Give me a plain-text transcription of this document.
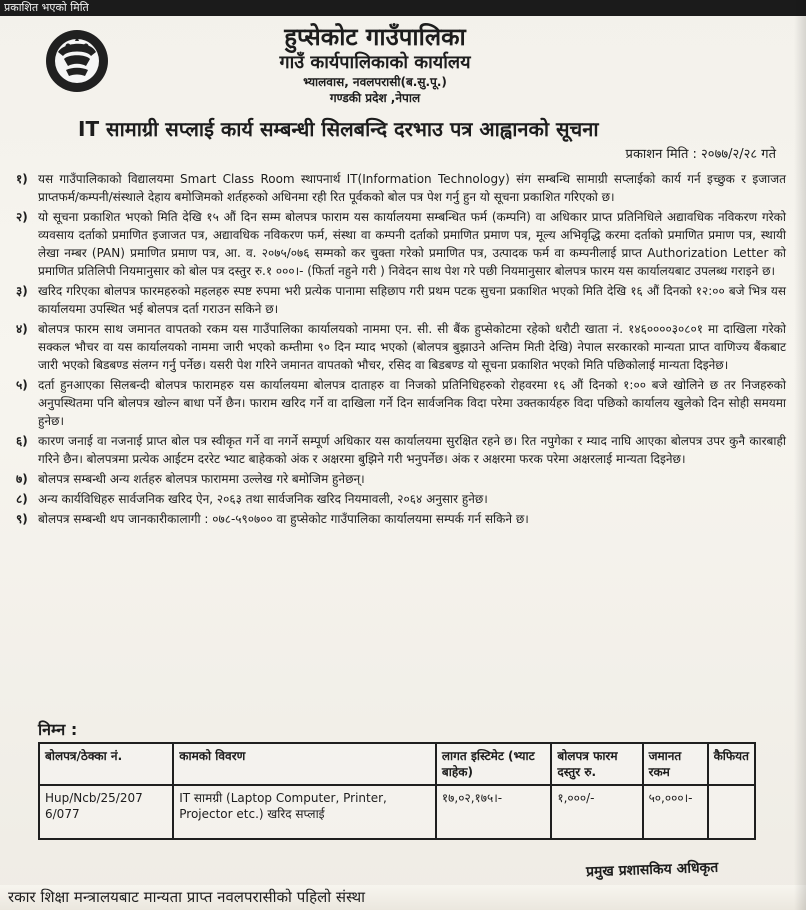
प्रकाशित भएको मिति
हुप्सेकोट गाउँपालिका
गाउँ कार्यपालिकाको कार्यालय
भ्यालवास, नवलपरासी(ब.सु.पू.)
गण्डकी प्रदेश ,नेपाल
IT सामाग्री सप्लाई कार्य सम्बन्धी सिलबन्दि दरभाउ पत्र आह्वानको सूचना
प्रकाशन मिति : २०७७/२/२८ गते
१) यस गाउँपालिकाको विद्यालयमा Smart Class Room स्थापनार्थ IT(Information Technology) संग सम्बन्धि सामाग्री सप्लाईको कार्य गर्न इच्छुक र इजाजत प्राप्तफर्म/कम्पनी/संस्थाले देहाय बमोजिमको शर्तहरुको अधिनमा रही रित पूर्वकको बोल पत्र पेश गर्नु हुन यो सूचना प्रकाशित गरिएको छ।
२) यो सूचना प्रकाशित भएको मिति देखि १५ औं दिन सम्म बोलपत्र फाराम यस कार्यालयमा सम्बन्धित फर्म (कम्पनि) वा अधिकार प्राप्त प्रतिनिधिले अद्यावधिक नविकरण गरेको व्यवसाय दर्ताको प्रमाणित इजाजत पत्र, अद्यावधिक नविकरण फर्म, संस्था वा कम्पनी दर्ताको प्रमाणित प्रमाण पत्र, मूल्य अभिवृद्धि करमा दर्ताको प्रमाणित प्रमाण पत्र, स्थायी लेखा नम्बर (PAN) प्रमाणित प्रमाण पत्र, आ. व. २०७५/०७६ सम्मको कर चुक्ता गरेको प्रमाणित पत्र, उत्पादक फर्म वा कम्पनीलाई प्राप्त Authorization Letter को प्रमाणित प्रतिलिपी नियमानुसार को बोल पत्र दस्तुर रु.१ ०००।- (फिर्ता नहुने गरी ) निवेदन साथ पेश गरे पछी नियमानुसार बोलपत्र फारम यस कार्यालयबाट उपलब्ध गराइने छ।
३) खरिद गरिएका बोलपत्र फारमहरुको महलहरु स्पष्ट रुपमा भरी प्रत्येक पानामा सहिछाप गरी प्रथम पटक सुचना प्रकाशित भएको मिति देखि १६ औं दिनको १२:०० बजे भित्र यस कार्यालयमा उपस्थित भई बोलपत्र दर्ता गराउन सकिने छ।
४) बोलपत्र फारम साथ जमानत वापतको रकम यस गाउँपालिका कार्यालयको नाममा एन. सी. सी बैंक हुप्सेकोटमा रहेको धरौटी खाता नं. १४६००००३०८०१ मा दाखिला गरेको सक्कल भौचर वा यस कार्यालयको नाममा जारी भएको कम्तीमा ९० दिन म्याद भएको (बोलपत्र बुझाउने अन्तिम मिती देखि) नेपाल सरकारको मान्यता प्राप्त वाणिज्य बैंकबाट जारी भएको बिडबण्ड संलग्न गर्नु पर्नेछ। यसरी पेश गरिने जमानत वापतको भौचर, रसिद वा बिडबण्ड यो सूचना प्रकाशित भएको मिति पछिकोलाई मान्यता दिइनेछ।
५) दर्ता हुनआएका सिलबन्दी बोलपत्र फारामहरु यस कार्यालयमा बोलपत्र दाताहरु वा निजको प्रतिनिधिहरुको रोहवरमा १६ औं दिनको १:०० बजे खोलिने छ तर निजहरुको अनुपस्थितमा पनि बोलपत्र खोल्न बाधा पर्ने छैन। फाराम खरिद गर्ने वा दाखिला गर्ने दिन सार्वजनिक विदा परेमा उक्तकार्यहरु विदा पछिको कार्यालय खुलेको दिन सोही समयमा हुनेछ।
६) कारण जनाई वा नजनाई प्राप्त बोल पत्र स्वीकृत गर्ने वा नगर्ने सम्पूर्ण अधिकार यस कार्यालयमा सुरक्षित रहने छ। रित नपुगेका र म्याद नाघि आएका बोलपत्र उपर कुनै कारबाही गरिने छैन। बोलपत्रमा प्रत्येक आईटम दररेट भ्याट बाहेकको अंक र अक्षरमा बुझिने गरी भनुपर्नेछ। अंक र अक्षरमा फरक परेमा अक्षरलाई मान्यता दिइनेछ।
७) बोलपत्र सम्बन्धी अन्य शर्तहरु बोलपत्र फाराममा उल्लेख गरे बमोजिम हुनेछन्।
८) अन्य कार्यविधिहरु सार्वजनिक खरिद ऐन, २०६३ तथा सार्वजनिक खरिद नियमावली, २०६४ अनुसार हुनेछ।
९) बोलपत्र सम्बन्धी थप जानकारीकालागी : ०७८-५९०७०० वा हुप्सेकोट गाउँपालिका कार्यालयमा सम्पर्क गर्न सकिने छ।
निम्न :
बोलपत्र/ठेक्का नं.	कामको विवरण	लागत इस्टिमेट (भ्याट बाहेक)	बोलपत्र फारम दस्तुर रु.	जमानत रकम	कैफियत
Hup/Ncb/25/207 6/077	IT सामग्री (Laptop Computer, Printer, Projector etc.) खरिद सप्लाई	१७,०२,१७५।-	१,०००/-	५०,०००।-	
प्रमुख प्रशासकिय अधिकृत
रकार शिक्षा मन्त्रालयबाट मान्यता प्राप्त नवलपरासीको पहिलो संस्था
